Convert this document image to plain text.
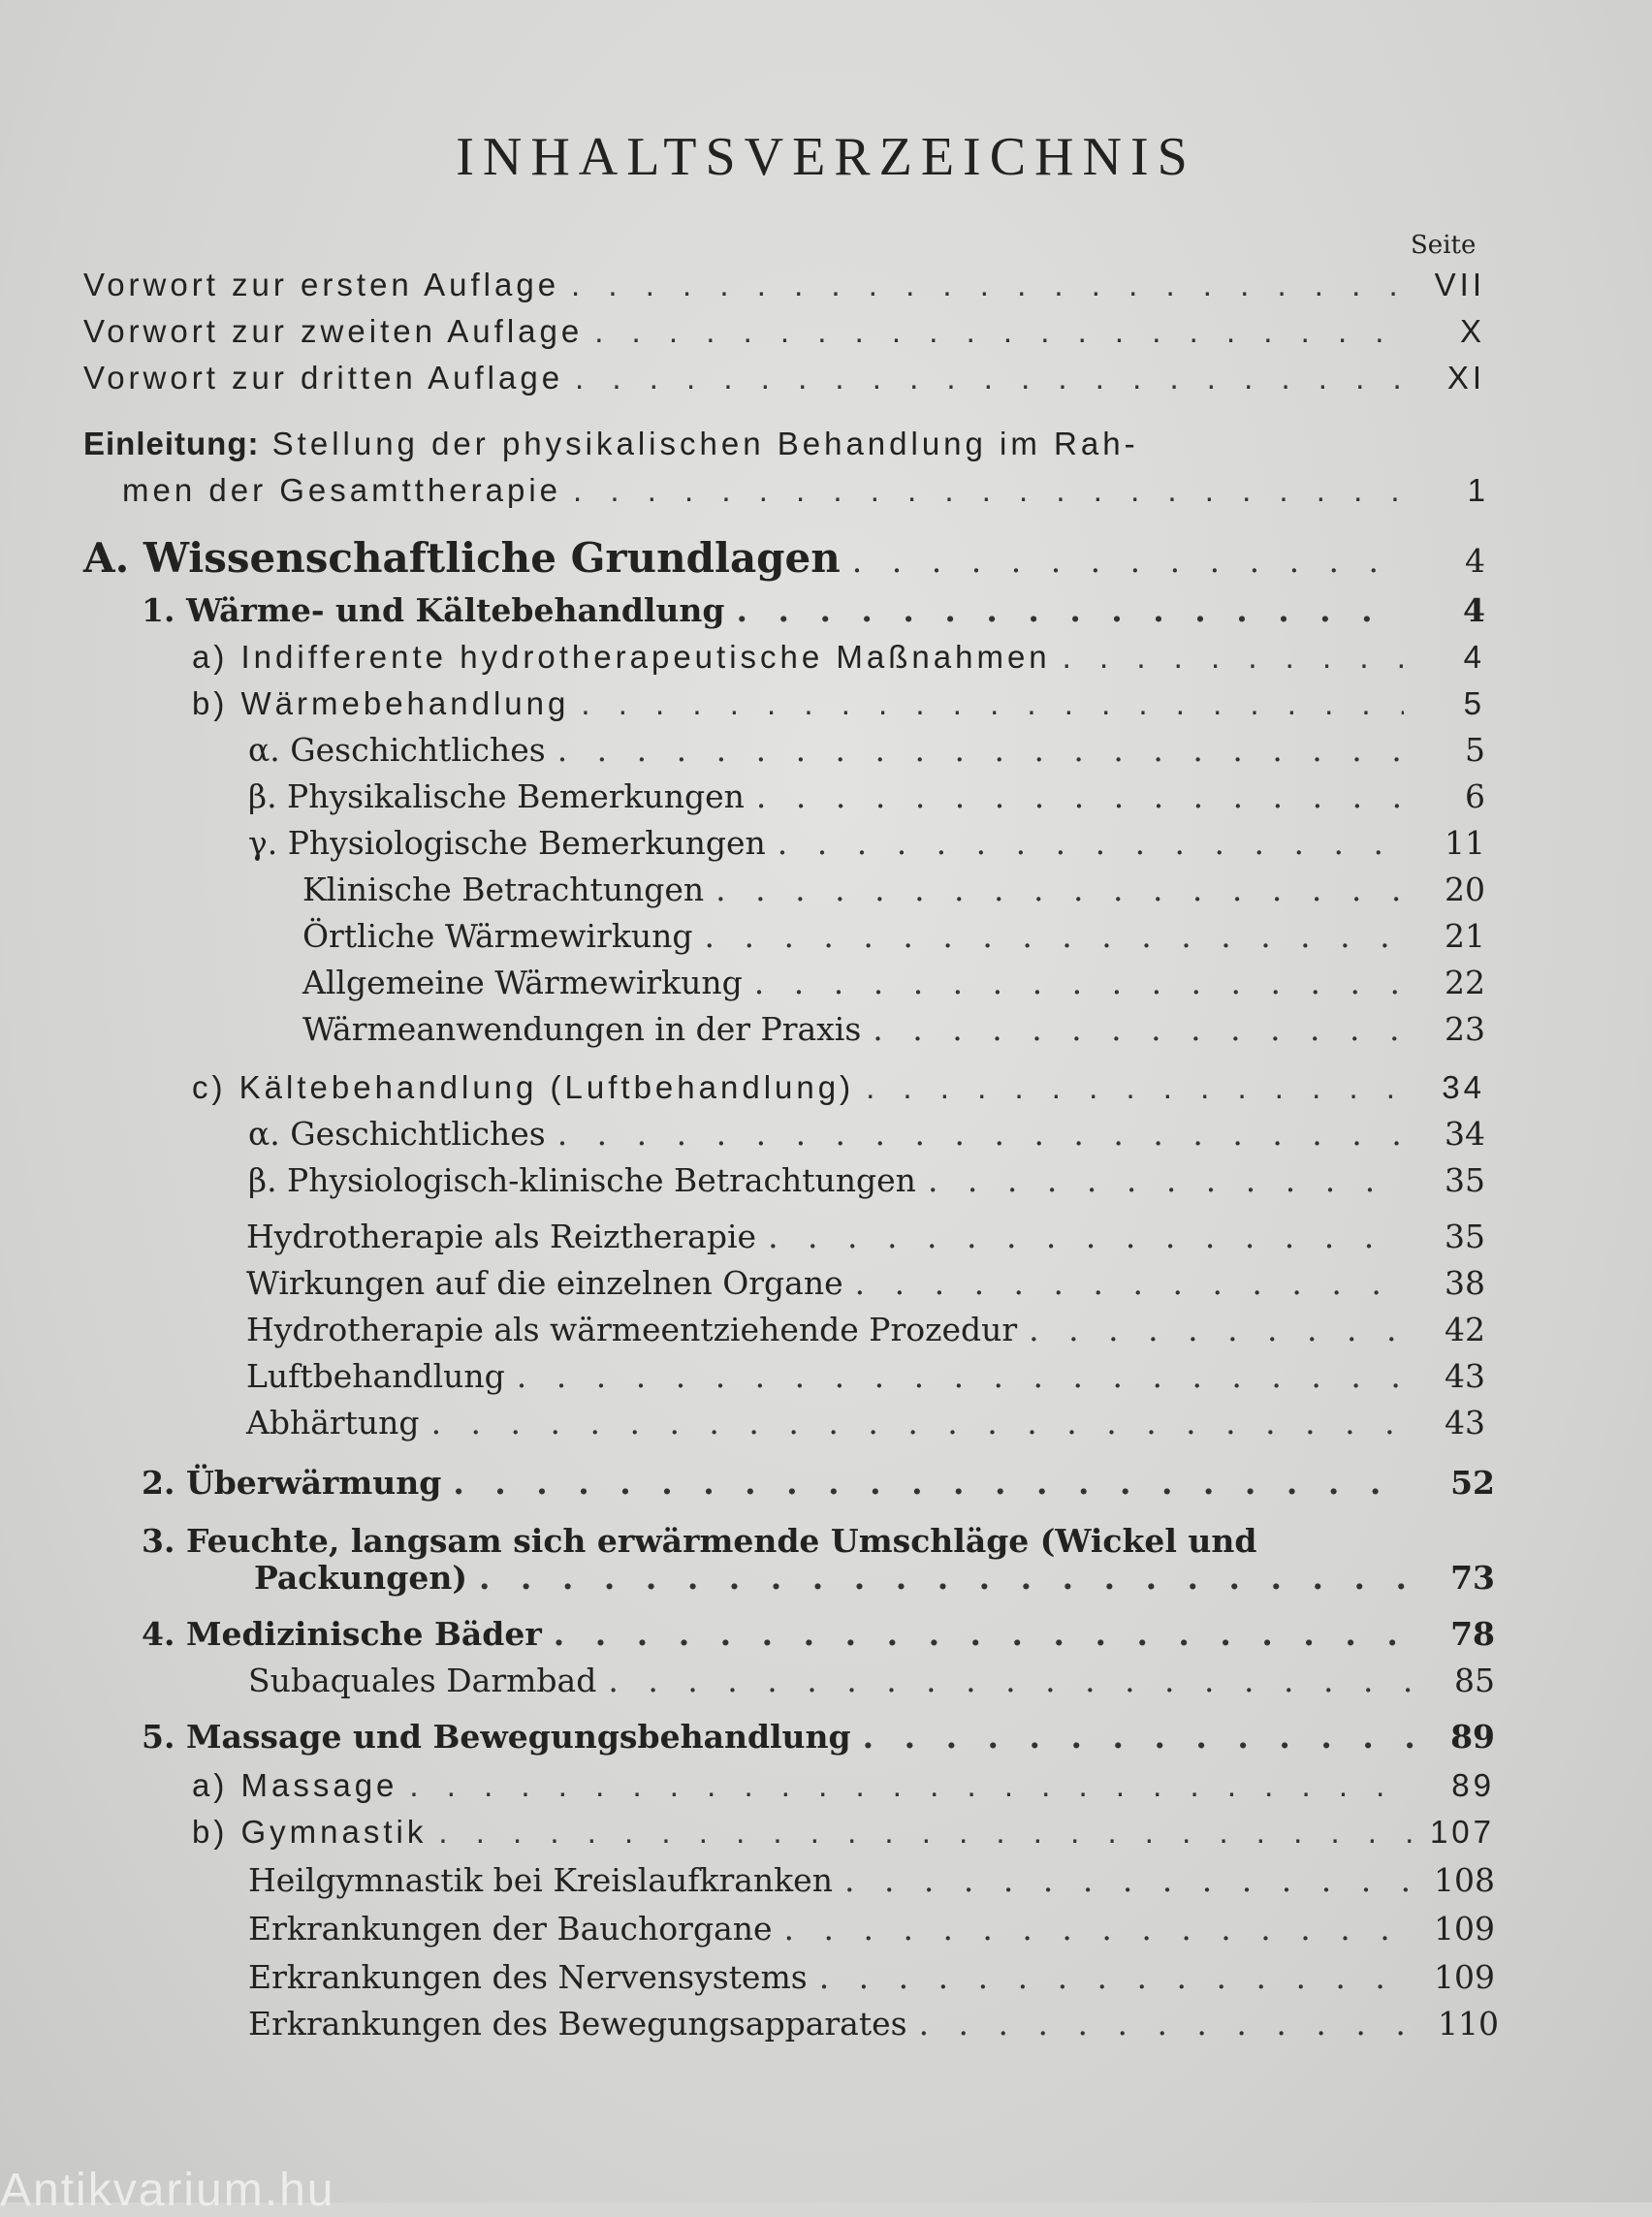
INHALTSVERZEICHNIS
Seite
Vorwort zur ersten Auflage . . .	VII
Vorwort zur zweiten Auflage . . .	X
Vorwort zur dritten Auflage . . .	XI
Einleitung: Stellung der physikalischen Behandlung im Rah-
men der Gesamttherapie . . .	1
A. Wissenschaftliche Grundlagen . . .	4
1. Wärme- und Kältebehandlung . . .	4
a) Indifferente hydrotherapeutische Maßnahmen . . .	4
b) Wärmebehandlung . . .	5
α. Geschichtliches . . .	5
β. Physikalische Bemerkungen . . .	6
γ. Physiologische Bemerkungen . . .	11
Klinische Betrachtungen . . .	20
Örtliche Wärmewirkung . . .	21
Allgemeine Wärmewirkung . . .	22
Wärmeanwendungen in der Praxis . . .	23
c) Kältebehandlung (Luftbehandlung) . . .	34
α. Geschichtliches . . .	34
β. Physiologisch-klinische Betrachtungen . . .	35
Hydrotherapie als Reiztherapie . . .	35
Wirkungen auf die einzelnen Organe . . .	38
Hydrotherapie als wärmeentziehende Prozedur . . .	42
Luftbehandlung . . .	43
Abhärtung . . .	43
2. Überwärmung . . .	52
3. Feuchte, langsam sich erwärmende Umschläge (Wickel und
Packungen) . . .	73
4. Medizinische Bäder . . .	78
Subaquales Darmbad . . .	85
5. Massage und Bewegungsbehandlung . . .	89
a) Massage . . .	89
b) Gymnastik . . .	107
Heilgymnastik bei Kreislaufkranken . . .	108
Erkrankungen der Bauchorgane . . .	109
Erkrankungen des Nervensystems . . .	109
Erkrankungen des Bewegungsapparates . . .	110
Antikvarium.hu
